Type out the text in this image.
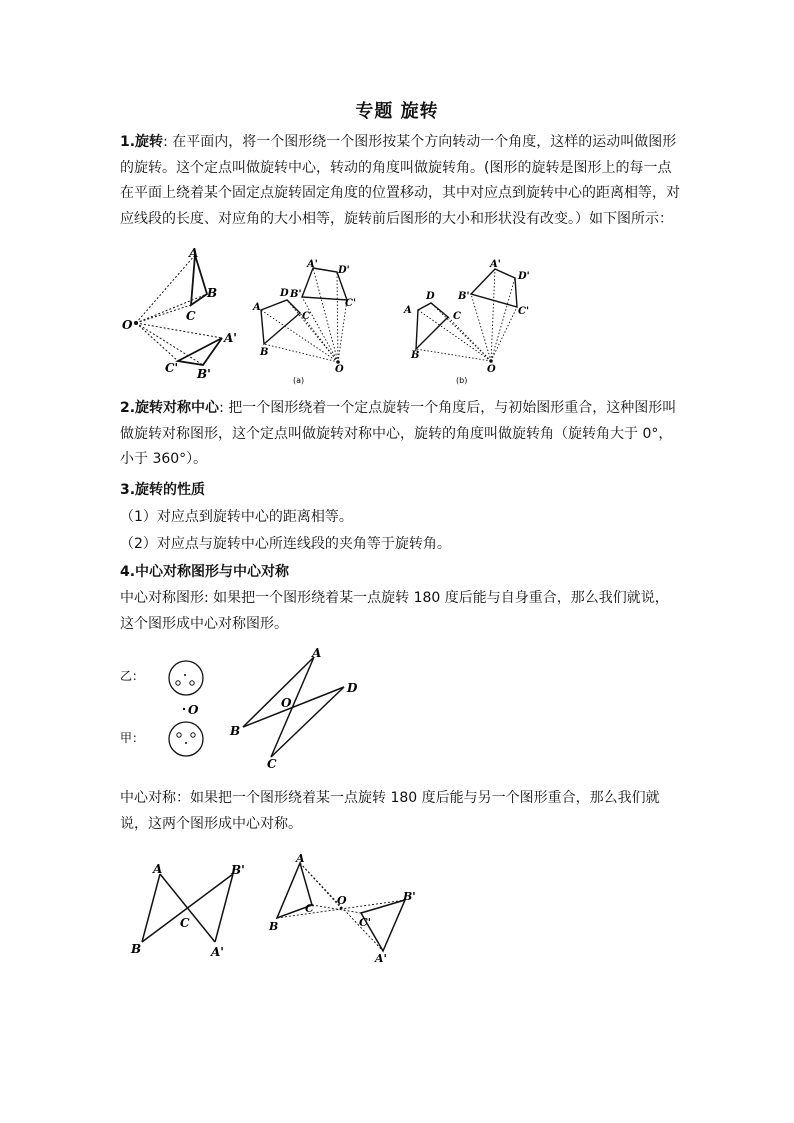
专题 旋转

1.旋转: 在平面内，将一个图形绕一个图形按某个方向转动一个角度，这样的运动叫做图形的旋转。这个定点叫做旋转中心，转动的角度叫做旋转角。(图形的旋转是图形上的每一点在平面上绕着某个固定点旋转固定角度的位置移动，其中对应点到旋转中心的距离相等，对应线段的长度、对应角的大小相等，旋转前后图形的大小和形状没有改变。）如下图所示：

A
B
C
O
A'
C' B'
A
D
C
B
A'
D'
B'
C'
O
(a)
A
D
C
B
A'
D'
B'
C'
O
(b)

2.旋转对称中心: 把一个图形绕着一个定点旋转一个角度后，与初始图形重合，这种图形叫做旋转对称图形，这个定点叫做旋转对称中心，旋转的角度叫做旋转角（旋转角大于 0°，小于 360°）。

3.旋转的性质

（1）对应点到旋转中心的距离相等。

（2）对应点与旋转中心所连线段的夹角等于旋转角。

4.中心对称图形与中心对称

中心对称图形: 如果把一个图形绕着某一点旋转 180 度后能与自身重合，那么我们就说，这个图形成中心对称图形。

乙：
甲：
O
A
D
B
C
O

中心对称：如果把一个图形绕着某一点旋转 180 度后能与另一个图形重合，那么我们就说，这两个图形成中心对称。

A
B
C
B'
A'
A
B
C
O	B'
C'
A'
